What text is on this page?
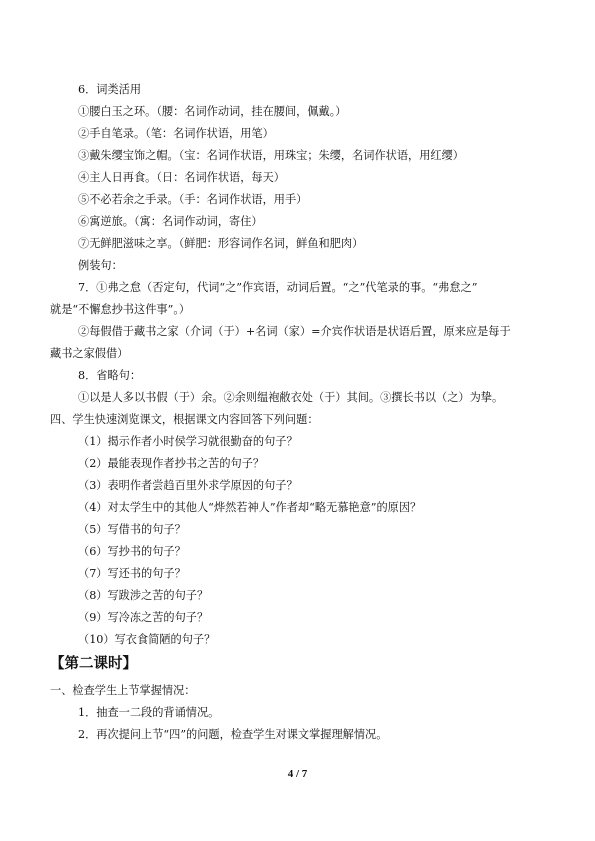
6．词类活用
①腰白玉之环。（腰：名词作动词，挂在腰间，佩戴。）
②手自笔录。（笔：名词作状语，用笔）
③戴朱缨宝饰之帽。（宝：名词作状语，用珠宝；朱缨，名词作状语，用红缨）
④主人日再食。（日：名词作状语，每天）
⑤不必若余之手录。（手：名词作状语，用手）
⑥寓逆旅。（寓：名词作动词，寄住）
⑦无鲜肥滋味之享。（鲜肥：形容词作名词，鲜鱼和肥肉）
例装句：
7．①弗之怠（否定句，代词“之”作宾语，动词后置。“之”代笔录的事。“弗怠之”
就是“不懈怠抄书这件事”。）
②每假借于藏书之家（介词（于）+名词（家）=介宾作状语是状语后置，原来应是每于
藏书之家假借）
8．省略句：
①以是人多以书假（于）余。②余则缊袍敝衣处（于）其间。③撰长书以（之）为挚。
四、学生快速浏览课文，根据课文内容回答下列问题：
（1）揭示作者小时侯学习就很勤奋的句子？
（2）最能表现作者抄书之苦的句子？
（3）表明作者尝趋百里外求学原因的句子？
（4）对太学生中的其他人“烨然若神人”作者却“略无慕艳意”的原因？
（5）写借书的句子？
（6）写抄书的句子？
（7）写还书的句子？
（8）写跋涉之苦的句子？
（9）写冷冻之苦的句子？
（10）写衣食简陋的句子？
【第二课时】
一、检查学生上节掌握情况：
1．抽查一二段的背诵情况。
2．再次提问上节“四”的问题，检查学生对课文掌握理解情况。
4 / 7
